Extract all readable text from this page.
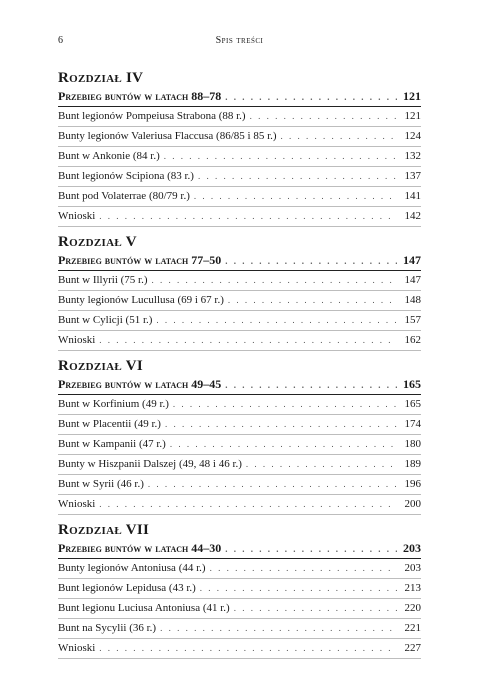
6	Spis treści
Rozdział IV
Przebieg buntów w latach 88–78 . . .	121
Bunt legionów Pompeiusa Strabona (88 r.) . . .	121
Bunty legionów Valeriusa Flaccusa (86/85 i 85 r.) . . .	124
Bunt w Ankonie (84 r.) . . .	132
Bunt legionów Scipiona (83 r.) . . .	137
Bunt pod Volaterrae (80/79 r.) . . .	141
Wnioski . . .	142
Rozdział V
Przebieg buntów w latach 77–50 . . .	147
Bunt w Illyrii (75 r.) . . .	147
Bunty legionów Lucullusa (69 i 67 r.) . . .	148
Bunt w Cylicji (51 r.) . . .	157
Wnioski . . .	162
Rozdział VI
Przebieg buntów w latach 49–45 . . .	165
Bunt w Korfinium (49 r.) . . .	165
Bunt w Placentii (49 r.) . . .	174
Bunt w Kampanii (47 r.) . . .	180
Bunty w Hiszpanii Dalszej (49, 48 i 46 r.) . . .	189
Bunt w Syrii (46 r.) . . .	196
Wnioski . . .	200
Rozdział VII
Przebieg buntów w latach 44–30 . . .	203
Bunty legionów Antoniusa (44 r.) . . .	203
Bunt legionów Lepidusa (43 r.) . . .	213
Bunt legionu Luciusa Antoniusa (41 r.) . . .	220
Bunt na Sycylii (36 r.) . . .	221
Wnioski . . .	227
